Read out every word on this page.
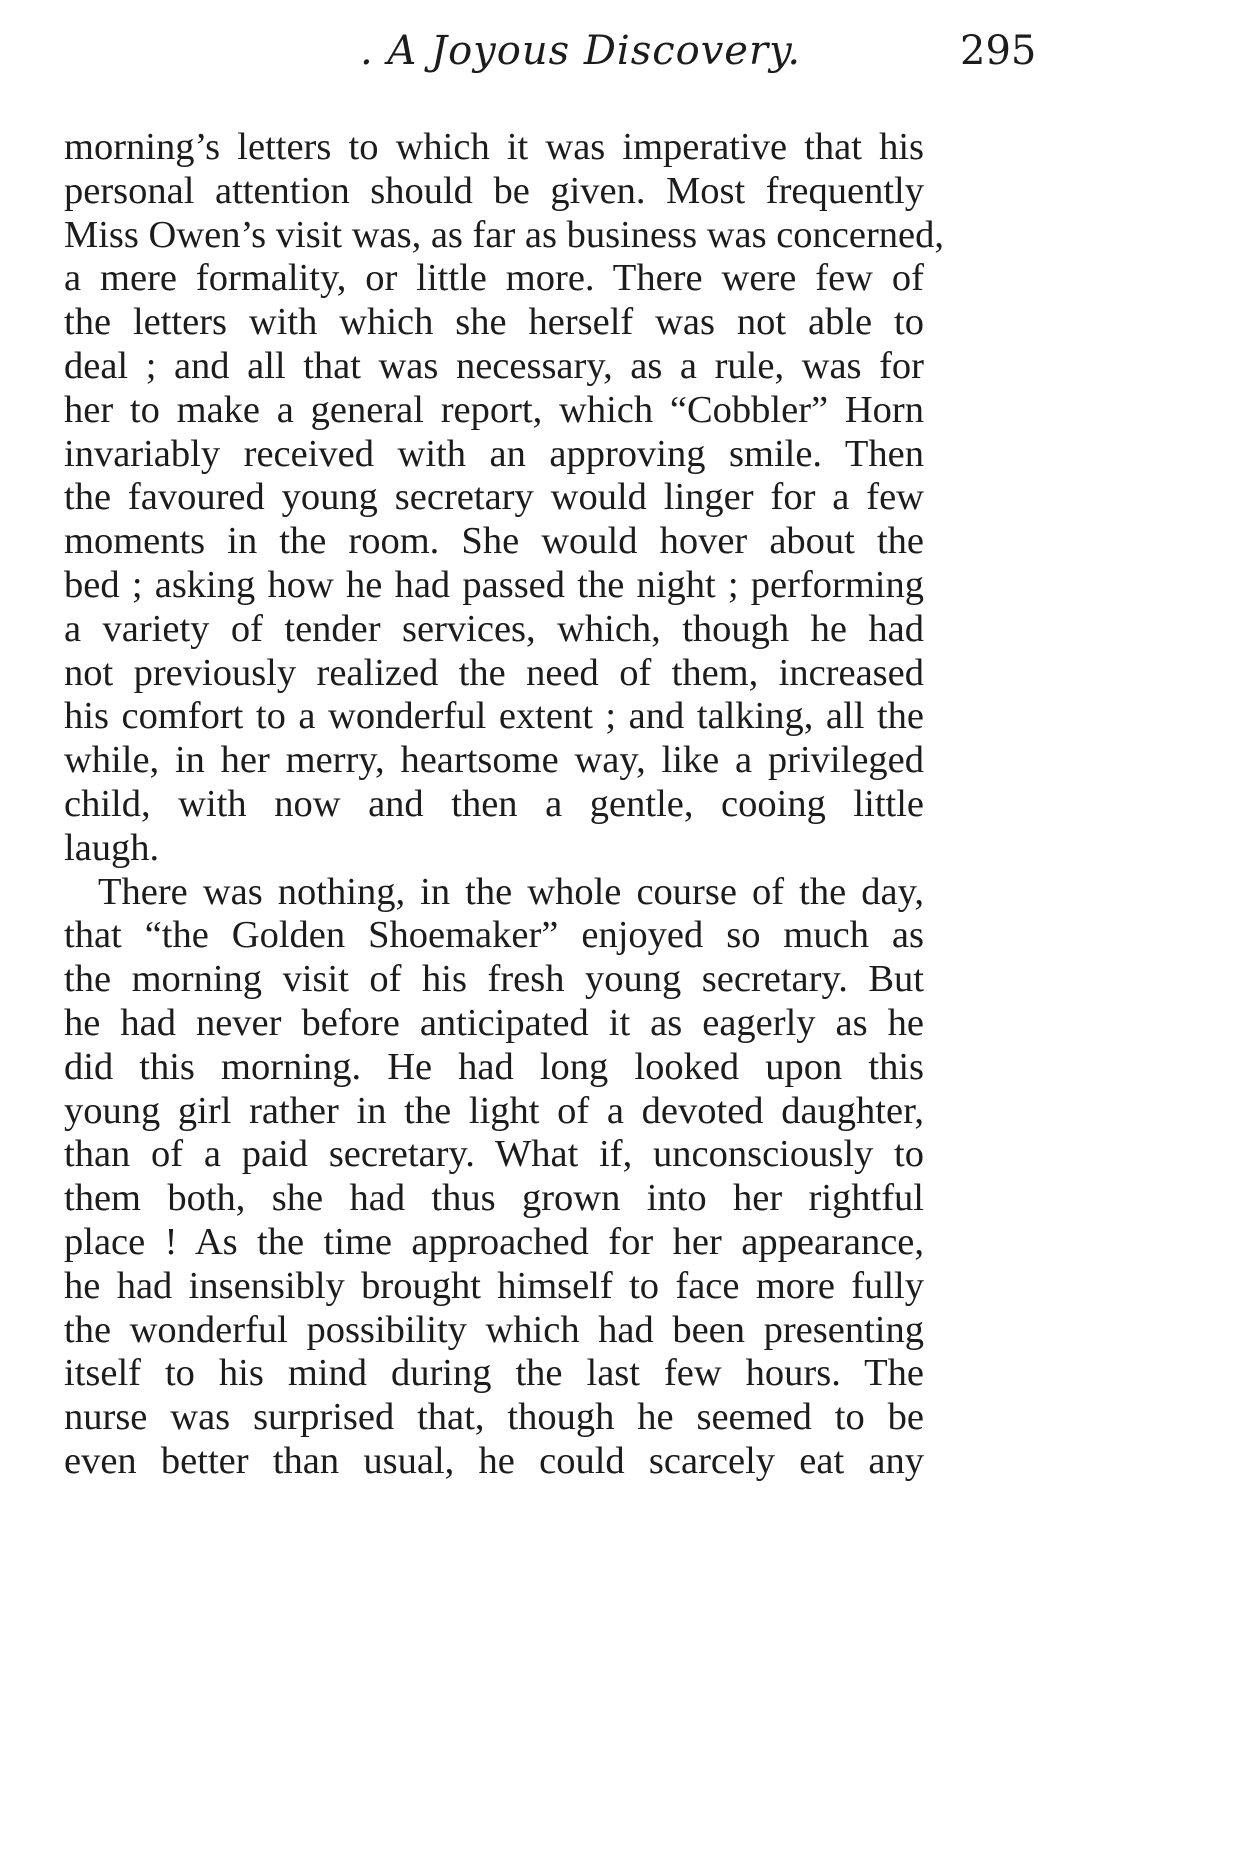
. A Joyous Discovery.	295
morning’s letters to which it was imperative that his
personal attention should be given. Most frequently
Miss Owen’s visit was, as far as business was concerned,
a mere formality, or little more. There were few of
the letters with which she herself was not able to
deal ; and all that was necessary, as a rule, was for
her to make a general report, which “Cobbler” Horn
invariably received with an approving smile. Then
the favoured young secretary would linger for a few
moments in the room. She would hover about the
bed ; asking how he had passed the night ; performing
a variety of tender services, which, though he had
not previously realized the need of them, increased
his comfort to a wonderful extent ; and talking, all the
while, in her merry, heartsome way, like a privileged
child, with now and then a gentle, cooing little
laugh.
There was nothing, in the whole course of the day,
that “the Golden Shoemaker” enjoyed so much as
the morning visit of his fresh young secretary. But
he had never before anticipated it as eagerly as he
did this morning. He had long looked upon this
young girl rather in the light of a devoted daughter,
than of a paid secretary. What if, unconsciously to
them both, she had thus grown into her rightful
place ! As the time approached for her appearance,
he had insensibly brought himself to face more fully
the wonderful possibility which had been presenting
itself to his mind during the last few hours. The
nurse was surprised that, though he seemed to be
even better than usual, he could scarcely eat any
